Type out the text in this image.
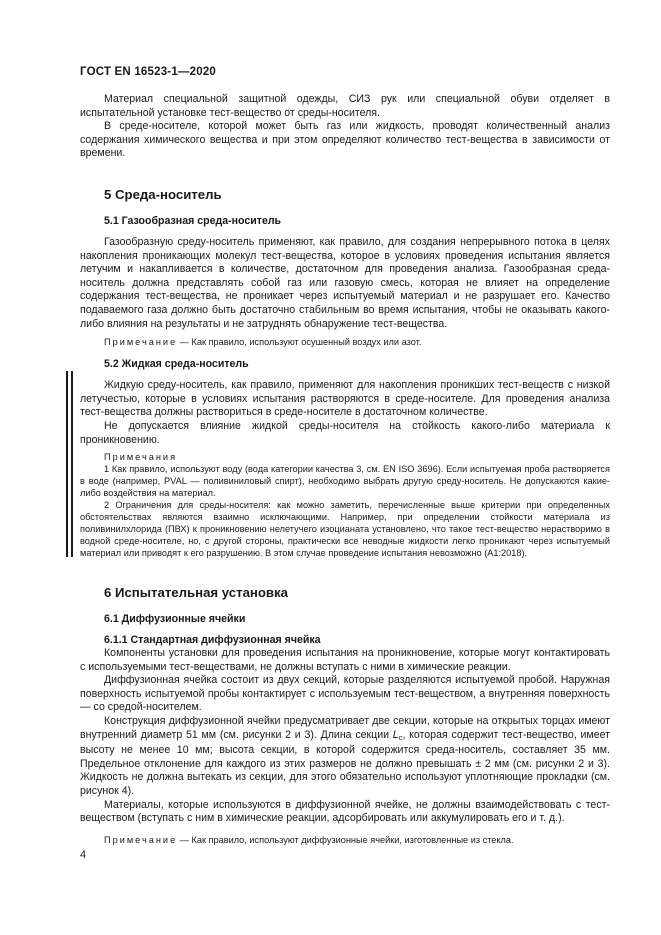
ГОСТ EN 16523-1—2020

Материал специальной защитной одежды, СИЗ рук или специальной обуви отделяет в испытательной установке тест-вещество от среды-носителя.

В среде-носителе, которой может быть газ или жидкость, проводят количественный анализ содержания химического вещества и при этом определяют количество тест-вещества в зависимости от времени.

5 Среда-носитель
5.1 Газообразная среда-носитель

Газообразную среду-носитель применяют, как правило, для создания непрерывного потока в целях накопления проникающих молекул тест-вещества, которое в условиях проведения испытания является летучим и накапливается в количестве, достаточном для проведения анализа. Газообразная среда-носитель должна представлять собой газ или газовую смесь, которая не влияет на определение содержания тест-вещества, не проникает через испытуемый материал и не разрушает его. Качество подаваемого газа должно быть достаточно стабильным во время испытания, чтобы не оказывать какого-либо влияния на результаты и не затруднять обнаружение тест-вещества.

Примечание — Как правило, используют осушенный воздух или азот.
5.2 Жидкая среда-носитель

Жидкую среду-носитель, как правило, применяют для накопления проникших тест-веществ с низкой летучестью, которые в условиях испытания растворяются в среде-носителе. Для проведения анализа тест-вещества должны раствориться в среде-носителе в достаточном количестве.

Не допускается влияние жидкой среды-носителя на стойкость какого-либо материала к проникновению.

Примечания
1 Как правило, используют воду (вода категории качества 3, см. EN ISO 3696). Если испытуемая проба растворяется в воде (например, PVAL — поливиниловый спирт), необходимо выбрать другую среду-носитель. Не допускаются какие-либо воздействия на материал.
2 Ограничения для среды-носителя: как можно заметить, перечисленные выше критерии при определенных обстоятельствах являются взаимно исключающими. Например, при определении стойкости материала из поливинилхлорида (ПВХ) к проникновению нелетучего изоцианата установлено, что такое тест-вещество нерастворимо в водной среде-носителе, но, с другой стороны, практически все неводные жидкости легко проникают через испытуемый материал или приводят к его разрушению. В этом случае проведение испытания невозможно (А1:2018).
6 Испытательная установка
6.1 Диффузионные ячейки
6.1.1 Стандартная диффузионная ячейка

Компоненты установки для проведения испытания на проникновение, которые могут контактировать с используемыми тест-веществами, не должны вступать с ними в химические реакции.

Диффузионная ячейка состоит из двух секций, которые разделяются испытуемой пробой. Наружная поверхность испытуемой пробы контактирует с используемым тест-веществом, а внутренняя поверхность — со средой-носителем.

Конструкция диффузионной ячейки предусматривает две секции, которые на открытых торцах имеют внутренний диаметр 51 мм (см. рисунки 2 и 3). Длина секции Lc, которая содержит тест-вещество, имеет высоту не менее 10 мм; высота секции, в которой содержится среда-носитель, составляет 35 мм. Предельное отклонение для каждого из этих размеров не должно превышать ± 2 мм (см. рисунки 2 и 3). Жидкость не должна вытекать из секции, для этого обязательно используют уплотняющие прокладки (см. рисунок 4).

Материалы, которые используются в диффузионной ячейке, не должны взаимодействовать с тест-веществом (вступать с ним в химические реакции, адсорбировать или аккумулировать его и т. д.).

Примечание — Как правило, используют диффузионные ячейки, изготовленные из стекла.
4
